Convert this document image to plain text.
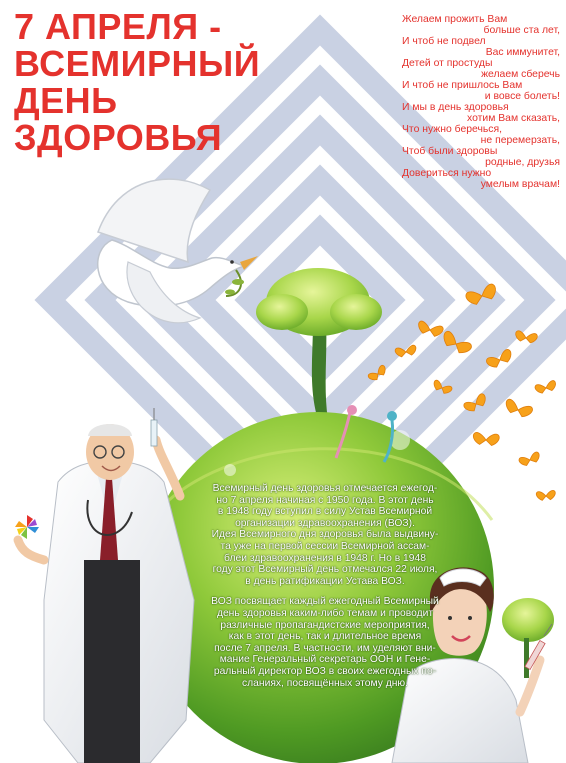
7 АПРЕЛЯ -
ВСЕМИРНЫЙ
ДЕНЬ
ЗДОРОВЬЯ
Желаем прожить Вам
больше ста лет,
И чтоб не подвел
Вас иммунитет,
Детей от простуды
желаем сберечь
И чтоб не пришлось Вам
и вовсе болеть!
И мы в день здоровья
хотим Вам сказать,
Что нужно беречься,
не перемерзать,
Чтоб были здоровы
родные, друзья
Довериться нужно
умелым врачам!

Всемирный день здоровья отмечается ежегод-
но 7 апреля начиная с 1950 года. В этот день
в 1948 году вступил в силу Устав Всемирной
организации здравоохранения (ВОЗ).
Идея Всемирного дня здоровья была выдвину-
та уже на первой сессии Всемирной ассам-
блеи здравоохранения в 1948 г. Но в 1948
году этот Всемирный день отмечался 22 июля,
в день ратификации Устава ВОЗ.

ВОЗ посвящает каждый ежегодный Всемирный
день здоровья каким-либо темам и проводит
различные пропагандистские мероприятия,
как в этот день, так и длительное время
после 7 апреля. В частности, им уделяют вни-
мание Генеральный секретарь ООН и Гене-
ральный директор ВОЗ в своих ежегодных по-
сланиях, посвящённых этому дню.
